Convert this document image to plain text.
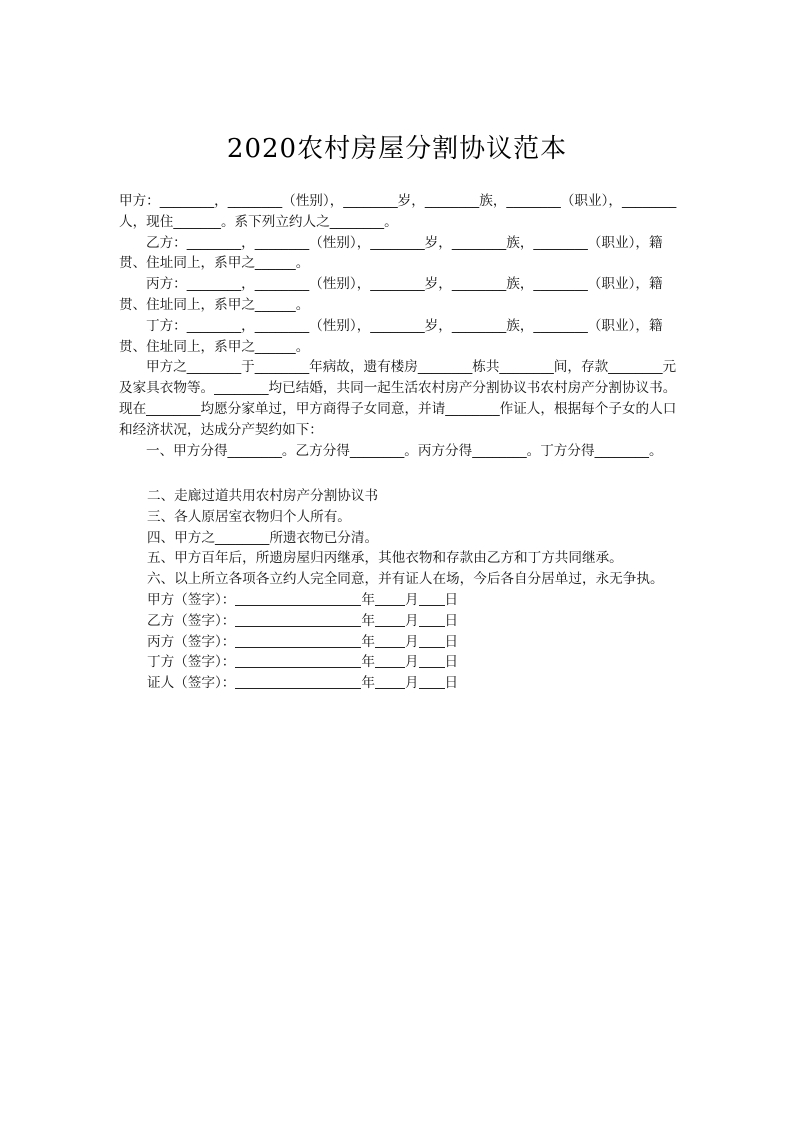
2020农村房屋分割协议范本

甲方：________，________（性别），________岁，________族，________（职业），________人，现住_______。系下列立约人之________。

乙方：________，________（性别），________岁，________族，________（职业），籍贯、住址同上，系甲之______。

丙方：________，________（性别），________岁，________族，________（职业），籍贯、住址同上，系甲之______。

丁方：________，________（性别），________岁，________族，________（职业），籍贯、住址同上，系甲之______。

甲方之________于________年病故，遗有楼房________栋共________间，存款________元及家具衣物等。________均已结婚，共同一起生活农村房产分割协议书农村房产分割协议书。现在________均愿分家单过，甲方商得子女同意，并请________作证人，根据每个子女的人口和经济状况，达成分产契约如下：

一、甲方分得________。乙方分得________。丙方分得________。丁方分得________。

二、走廊过道共用农村房产分割协议书

三、各人原居室衣物归个人所有。

四、甲方之________所遗衣物已分清。

五、甲方百年后，所遗房屋归丙继承，其他衣物和存款由乙方和丁方共同继承。

六、以上所立各项各立约人完全同意，并有证人在场，今后各自分居单过，永无争执。

甲方（签字）：	年 月 日

乙方（签字）：	年 月 日

丙方（签字）：	年 月 日

丁方（签字）：	年 月 日

证人（签字）：	年 月 日
